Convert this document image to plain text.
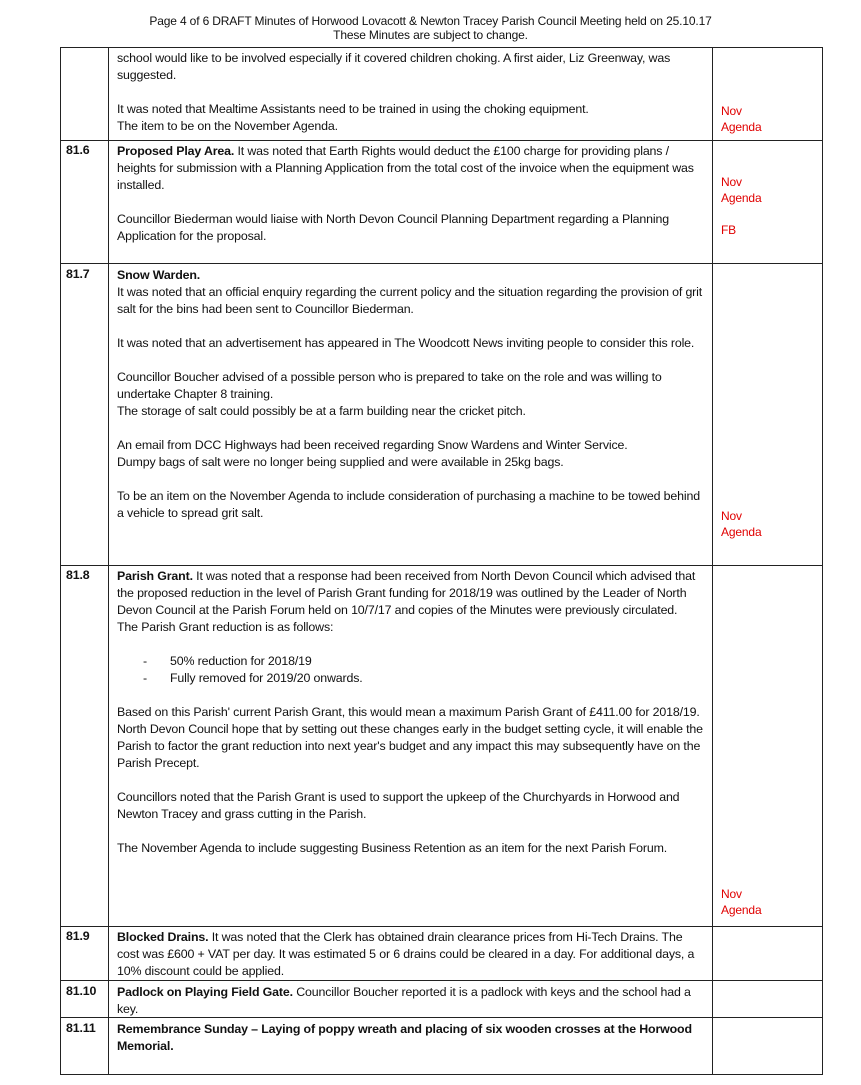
Page 4 of 6 DRAFT Minutes of Horwood Lovacott & Newton Tracey Parish Council Meeting held on 25.10.17
These Minutes are subject to change.
school would like to be involved especially if it covered children choking. A first aider, Liz Greenway, was suggested.
It was noted that Mealtime Assistants need to be trained in using the choking equipment.
The item to be on the November Agenda.
Nov
Agenda
81.6 Proposed Play Area. It was noted that Earth Rights would deduct the £100 charge for providing plans / heights for submission with a Planning Application from the total cost of the invoice when the equipment was installed.
Councillor Biederman would liaise with North Devon Council Planning Department regarding a Planning Application for the proposal.
Nov
Agenda
FB
81.7 Snow Warden.
It was noted that an official enquiry regarding the current policy and the situation regarding the provision of grit salt for the bins had been sent to Councillor Biederman.
It was noted that an advertisement has appeared in The Woodcott News inviting people to consider this role.
Councillor Boucher advised of a possible person who is prepared to take on the role and was willing to undertake Chapter 8 training.
The storage of salt could possibly be at a farm building near the cricket pitch.
An email from DCC Highways had been received regarding Snow Wardens and Winter Service.
Dumpy bags of salt were no longer being supplied and were available in 25kg bags.
To be an item on the November Agenda to include consideration of purchasing a machine to be towed behind a vehicle to spread grit salt.	Nov
Agenda
81.8 Parish Grant. It was noted that a response had been received from North Devon Council which advised that the proposed reduction in the level of Parish Grant funding for 2018/19 was outlined by the Leader of North Devon Council at the Parish Forum held on 10/7/17 and copies of the Minutes were previously circulated.
The Parish Grant reduction is as follows:
- 50% reduction for 2018/19
- Fully removed for 2019/20 onwards.
Based on this Parish' current Parish Grant, this would mean a maximum Parish Grant of £411.00 for 2018/19.
North Devon Council hope that by setting out these changes early in the budget setting cycle, it will enable the Parish to factor the grant reduction into next year's budget and any impact this may subsequently have on the Parish Precept.
Councillors noted that the Parish Grant is used to support the upkeep of the Churchyards in Horwood and Newton Tracey and grass cutting in the Parish.
The November Agenda to include suggesting Business Retention as an item for the next Parish Forum.
Nov
Agenda
81.9 Blocked Drains. It was noted that the Clerk has obtained drain clearance prices from Hi-Tech Drains. The cost was £600 + VAT per day. It was estimated 5 or 6 drains could be cleared in a day. For additional days, a 10% discount could be applied.
81.10 Padlock on Playing Field Gate. Councillor Boucher reported it is a padlock with keys and the school had a key.
81.11 Remembrance Sunday – Laying of poppy wreath and placing of six wooden crosses at the Horwood Memorial.
